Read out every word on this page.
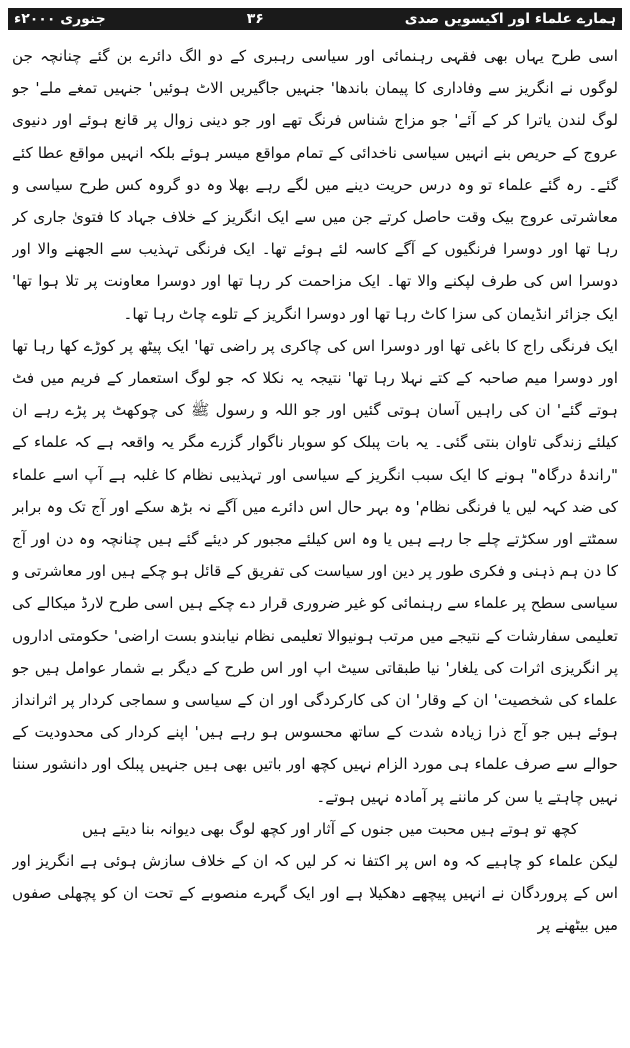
ہمارے علماء اور اکیسویں صدی
۳۶
جنوری ۲۰۰۰ء

اسی طرح یہاں بھی فقہی رہنمائی اور سیاسی رہبری کے دو الگ دائرے بن گئے چنانچہ جن لوگوں نے انگریز سے وفاداری کا پیمان باندھا' جنہیں جاگیریں الاٹ ہوئیں' جنہیں تمغے ملے' جو لوگ لندن یاترا کر کے آئے' جو مزاج شناس فرنگ تھے اور جو دینی زوال پر قانع ہوئے اور دنیوی عروج کے حریص بنے انہیں سیاسی ناخدائی کے تمام مواقع میسر ہوئے بلکہ انہیں مواقع عطا کئے گئے۔ رہ گئے علماء تو وہ درس حریت دینے میں لگے رہے بھلا وہ دو گروہ کس طرح سیاسی و معاشرتی عروج بیک وقت حاصل کرتے جن میں سے ایک انگریز کے خلاف جہاد کا فتویٰ جاری کر رہا تھا اور دوسرا فرنگیوں کے آگے کاسہ لئے ہوئے تھا۔ ایک فرنگی تہذیب سے الجھنے والا اور دوسرا اس کی طرف لپکنے والا تھا۔ ایک مزاحمت کر رہا تھا اور دوسرا معاونت پر تلا ہوا تھا' ایک جزائر انڈیمان کی سزا کاٹ رہا تھا اور دوسرا انگریز کے تلوے چاٹ رہا تھا۔

ایک فرنگی راج کا باغی تھا اور دوسرا اس کی چاکری پر راضی تھا' ایک پیٹھ پر کوڑے کھا رہا تھا اور دوسرا میم صاحبہ کے کتے نہلا رہا تھا' نتیجہ یہ نکلا کہ جو لوگ استعمار کے فریم میں فٹ ہوتے گئے' ان کی راہیں آسان ہوتی گئیں اور جو اللہ و رسول ﷺ کی چوکھٹ پر پڑے رہے ان کیلئے زندگی تاوان بنتی گئی۔ یہ بات پبلک کو سوبار ناگوار گزرے مگر یہ واقعہ ہے کہ علماء کے "راندۂ درگاہ" ہونے کا ایک سبب انگریز کے سیاسی اور تہذیبی نظام کا غلبہ ہے آپ اسے علماء کی ضد کہہ لیں یا فرنگی نظام' وہ بہر حال اس دائرے میں آگے نہ بڑھ سکے اور آج تک وہ برابر سمٹتے اور سکڑتے چلے جا رہے ہیں یا وہ اس کیلئے مجبور کر دیئے گئے ہیں چنانچہ وہ دن اور آج کا دن ہم ذہنی و فکری طور پر دین اور سیاست کی تفریق کے قائل ہو چکے ہیں اور معاشرتی و سیاسی سطح پر علماء سے رہنمائی کو غیر ضروری قرار دے چکے ہیں اسی طرح لارڈ میکالے کی تعلیمی سفارشات کے نتیجے میں مرتب ہونیوالا تعلیمی نظام نیابندو بست اراضی' حکومتی اداروں پر انگریزی اثرات کی یلغار' نیا طبقاتی سیٹ اپ اور اس طرح کے دیگر بے شمار عوامل ہیں جو علماء کی شخصیت' ان کے وقار' ان کی کارکردگی اور ان کے سیاسی و سماجی کردار پر اثرانداز ہوئے ہیں جو آج ذرا زیادہ شدت کے ساتھ محسوس ہو رہے ہیں' اپنے کردار کی محدودیت کے حوالے سے صرف علماء ہی مورد الزام نہیں کچھ اور باتیں بھی ہیں جنہیں پبلک اور دانشور سننا نہیں چاہتے یا سن کر ماننے پر آمادہ نہیں ہوتے۔

کچھ تو ہوتے ہیں محبت میں جنوں کے آثار
اور کچھ لوگ بھی دیوانہ بنا دیتے ہیں

لیکن علماء کو چاہیے کہ وہ اس پر اکتفا نہ کر لیں کہ ان کے خلاف سازش ہوئی ہے انگریز اور اس کے پروردگان نے انہیں پیچھے دھکیلا ہے اور ایک گہرے منصوبے کے تحت ان کو پچھلی صفوں میں بیٹھنے پر
